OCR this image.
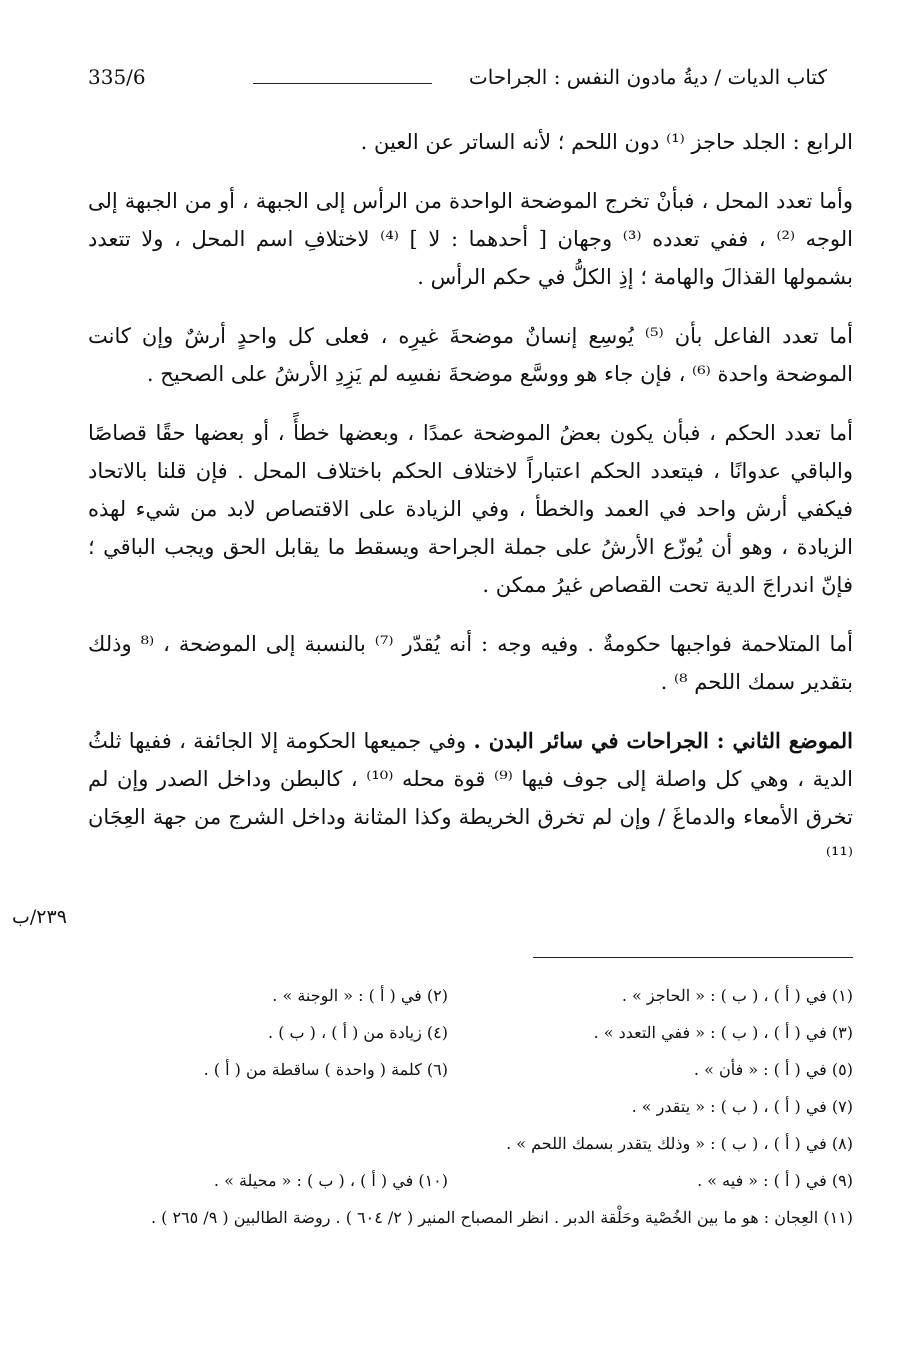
كتاب الديات / ديةُ مادون النفس : الجراحات
335/6

الرابع : الجلد حاجز ⁽¹⁾ دون اللحم ؛ لأنه الساتر عن العين .

وأما تعدد المحل ، فبأنْ تخرج الموضحة الواحدة من الرأس إلى الجبهة ، أو من الجبهة إلى الوجه ⁽²⁾ ، ففي تعدده ⁽³⁾ وجهان [ أحدهما : لا ] ⁽⁴⁾ لاختلافِ اسم المحل ، ولا تتعدد بشمولها القذالَ والهامة ؛ إذِ الكلُّ في حكم الرأس .

أما تعدد الفاعل بأن ⁽⁵⁾ يُوسِع إنسانٌ موضحةَ غيرِه ، فعلى كل واحدٍ أرشٌ وإن كانت الموضحة واحدة ⁽⁶⁾ ، فإن جاء هو ووسَّع موضحةَ نفسِه لم يَزِدِ الأرشُ على الصحيح .

أما تعدد الحكم ، فبأن يكون بعضُ الموضحة عمدًا ، وبعضها خطأً ، أو بعضها حقًا قصاصًا والباقي عدوانًا ، فيتعدد الحكم اعتباراً لاختلاف الحكم باختلاف المحل . فإن قلنا بالاتحاد فيكفي أرش واحد في العمد والخطأ ، وفي الزيادة على الاقتصاص لابد من شيء لهذه الزيادة ، وهو أن يُوزّع الأرشُ على جملة الجراحة ويسقط ما يقابل الحق ويجب الباقي ؛ فإنّ اندراجَ الدية تحت القصاص غيرُ ممكن .

أما المتلاحمة فواجبها حكومةٌ . وفيه وجه : أنه يُقدّر ⁽⁷⁾ بالنسبة إلى الموضحة ، ⁽⁸ وذلك بتقدير سمك اللحم ⁸⁾ .

الموضع الثاني : الجراحات في سائر البدن . وفي جميعها الحكومة إلا الجائفة ، ففيها ثلثُ الدية ، وهي كل واصلة إلى جوف فيها ⁽⁹⁾ قوة محله ⁽¹⁰⁾ ، كالبطن وداخل الصدر وإن لم تخرق الأمعاء والدماغَ / وإن لم تخرق الخريطة وكذا المثانة وداخل الشرج من جهة العِجَان ⁽¹¹⁾

٢٣٩/ب
(١) في ( أ ) ، ( ب ) : « الحاجز » .
(٢) في ( أ ) : « الوجنة » .
(٣) في ( أ ) ، ( ب ) : « ففي التعدد » .
(٤) زيادة من ( أ ) ، ( ب ) .
(٥) في ( أ ) : « فأن » .
(٦) كلمة ( واحدة ) ساقطة من ( أ ) .
(٧) في ( أ ) ، ( ب ) : « يتقدر » .
(٨) في ( أ ) ، ( ب ) : « وذلك يتقدر بسمك اللحم » .
(٩) في ( أ ) : « فيه » .
(١٠) في ( أ ) ، ( ب ) : « محيلة » .
(١١) العِجان : هو ما بين الخُصْية وحَلْقة الدبر . انظر المصباح المنير ( ٢/ ٦٠٤ ) . روضة الطالبين ( ٩/ ٢٦٥ ) .
